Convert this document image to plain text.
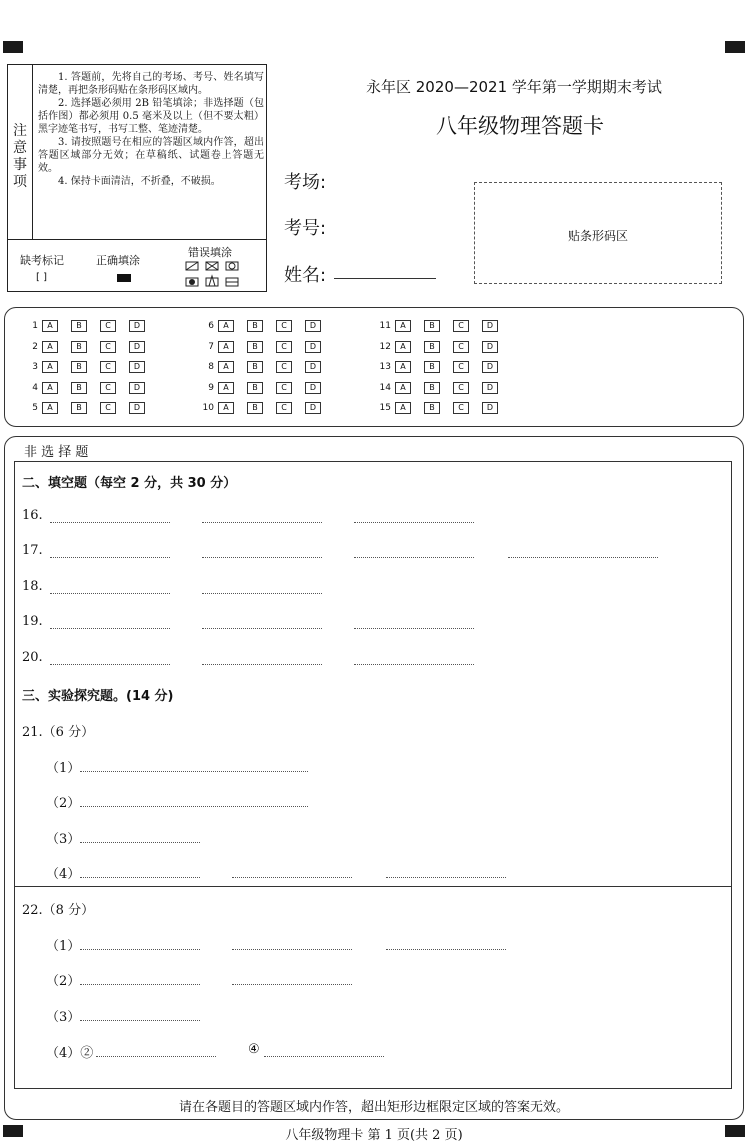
注意事项

1. 答题前，先将自己的考场、考号、姓名填写清楚，再把条形码贴在条形码区域内。

2. 选择题必须用 2B 铅笔填涂；非选择题（包括作图）都必须用 0.5 毫米及以上（但不要太粗）黑字迹笔书写，书写工整、笔迹清楚。

3. 请按照题号在相应的答题区域内作答，超出答题区域部分无效；在草稿纸、试题卷上答题无效。

4. 保持卡面清洁，不折叠，不破损。

缺考标记
[ ]
正确填涂
错误填涂
永年区 2020—2021 学年第一学期期末考试
八年级物理答题卡
考场:
考号:
姓名:
贴条形码区
1	A	B	C	D
2	A	B	C	D
3	A	B	C	D
4	A	B	C	D
5	A	B	C	D
6	A	B	C	D
7	A	B	C	D
8	A	B	C	D
9	A	B	C	D
10	A	B	C	D
11	A	B	C	D
12	A	B	C	D
13	A	B	C	D
14	A	B	C	D
15	A	B	C	D
非 选 择 题
二、填空题（每空 2 分，共 30 分）
16.
17.
18.
19.
20.
三、实验探究题。(14 分)
21.（6 分）
（1）
（2）
（3）
（4）
22.（8 分）
（1）
（2）
（3）
（4）②	④
请在各题目的答题区域内作答，超出矩形边框限定区域的答案无效。
八年级物理卡 第 1 页(共 2 页)
